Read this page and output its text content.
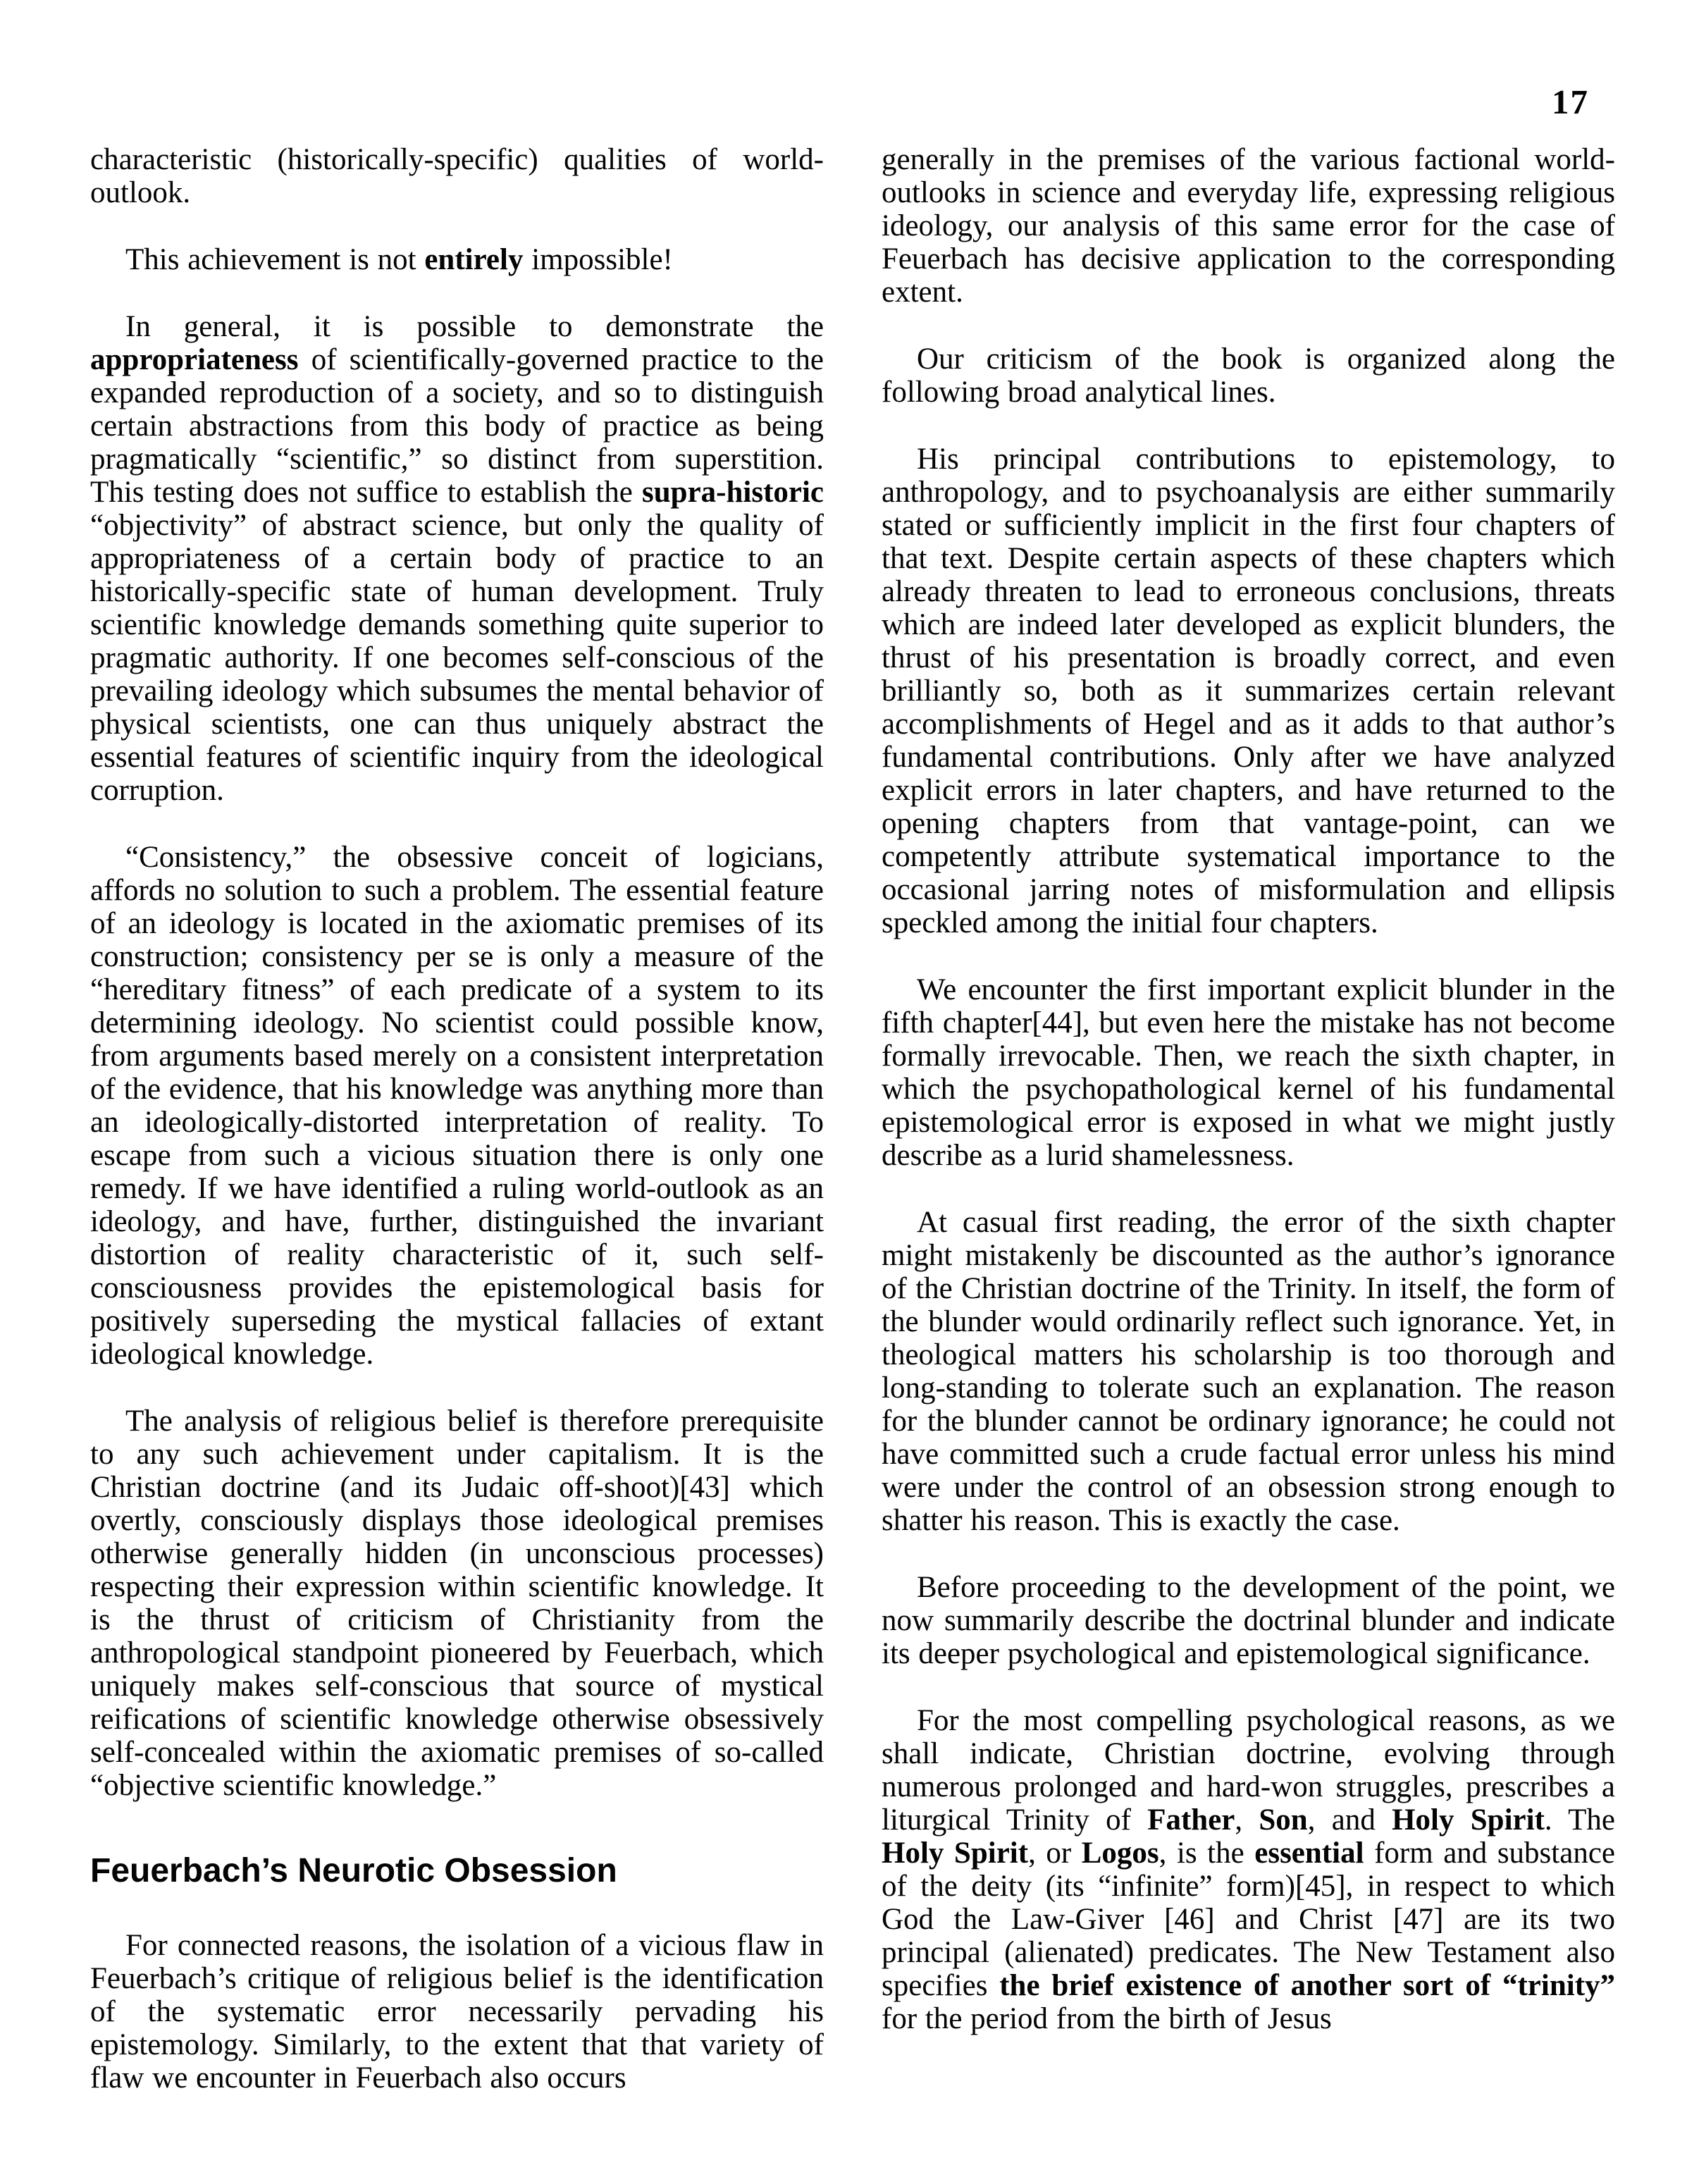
17

characteristic (historically-specific) qualities of world-outlook.

This achievement is not entirely impossible!

In general, it is possible to demonstrate the appropriateness of scientifically-governed practice to the expanded reproduction of a society, and so to distinguish certain abstractions from this body of practice as being pragmatically “scientific,” so distinct from superstition. This testing does not suffice to establish the supra-historic “objectivity” of abstract science, but only the quality of appropriateness of a certain body of practice to an historically-specific state of human development. Truly scientific knowledge demands something quite superior to pragmatic authority. If one becomes self-conscious of the prevailing ideology which subsumes the mental behavior of physical scientists, one can thus uniquely abstract the essential features of scientific inquiry from the ideological corruption.

“Consistency,” the obsessive conceit of logicians, affords no solution to such a problem. The essential feature of an ideology is located in the axiomatic premises of its construction; consistency per se is only a measure of the “hereditary fitness” of each predicate of a system to its determining ideology. No scientist could possible know, from arguments based merely on a consistent interpretation of the evidence, that his knowledge was anything more than an ideologically-distorted interpretation of reality. To escape from such a vicious situation there is only one remedy. If we have identified a ruling world-outlook as an ideology, and have, further, distinguished the invariant distortion of reality characteristic of it, such self-consciousness provides the epistemological basis for positively superseding the mystical fallacies of extant ideological knowledge.

The analysis of religious belief is therefore prerequisite to any such achievement under capitalism. It is the Christian doctrine (and its Judaic off-shoot)[43] which overtly, consciously displays those ideological premises otherwise generally hidden (in unconscious processes) respecting their expression within scientific knowledge. It is the thrust of criticism of Christianity from the anthropological standpoint pioneered by Feuerbach, which uniquely makes self-conscious that source of mystical reifications of scientific knowledge otherwise obsessively self-concealed within the axiomatic premises of so-called “objective scientific knowledge.”

Feuerbach’s Neurotic Obsession

For connected reasons, the isolation of a vicious flaw in Feuerbach’s critique of religious belief is the identification of the systematic error necessarily pervading his epistemology. Similarly, to the extent that that variety of flaw we encounter in Feuerbach also occurs

generally in the premises of the various factional world-outlooks in science and everyday life, expressing religious ideology, our analysis of this same error for the case of Feuerbach has decisive application to the corresponding extent.

Our criticism of the book is organized along the following broad analytical lines.

His principal contributions to epistemology, to anthropology, and to psychoanalysis are either summarily stated or sufficiently implicit in the first four chapters of that text. Despite certain aspects of these chapters which already threaten to lead to erroneous conclusions, threats which are indeed later developed as explicit blunders, the thrust of his presentation is broadly correct, and even brilliantly so, both as it summarizes certain relevant accomplishments of Hegel and as it adds to that author’s fundamental contributions. Only after we have analyzed explicit errors in later chapters, and have returned to the opening chapters from that vantage-point, can we competently attribute systematical importance to the occasional jarring notes of misformulation and ellipsis speckled among the initial four chapters.

We encounter the first important explicit blunder in the fifth chapter[44], but even here the mistake has not become formally irrevocable. Then, we reach the sixth chapter, in which the psychopathological kernel of his fundamental epistemological error is exposed in what we might justly describe as a lurid shamelessness.

At casual first reading, the error of the sixth chapter might mistakenly be discounted as the author’s ignorance of the Christian doctrine of the Trinity. In itself, the form of the blunder would ordinarily reflect such ignorance. Yet, in theological matters his scholarship is too thorough and long-standing to tolerate such an explanation. The reason for the blunder cannot be ordinary ignorance; he could not have committed such a crude factual error unless his mind were under the control of an obsession strong enough to shatter his reason. This is exactly the case.

Before proceeding to the development of the point, we now summarily describe the doctrinal blunder and indicate its deeper psychological and epistemological significance.

For the most compelling psychological reasons, as we shall indicate, Christian doctrine, evolving through numerous prolonged and hard-won struggles, prescribes a liturgical Trinity of Father, Son, and Holy Spirit. The Holy Spirit, or Logos, is the essential form and substance of the deity (its “infinite” form)[45], in respect to which God the Law-Giver [46] and Christ [47] are its two principal (alienated) predicates. The New Testament also specifies the brief existence of another sort of “trinity” for the period from the birth of Jesus
